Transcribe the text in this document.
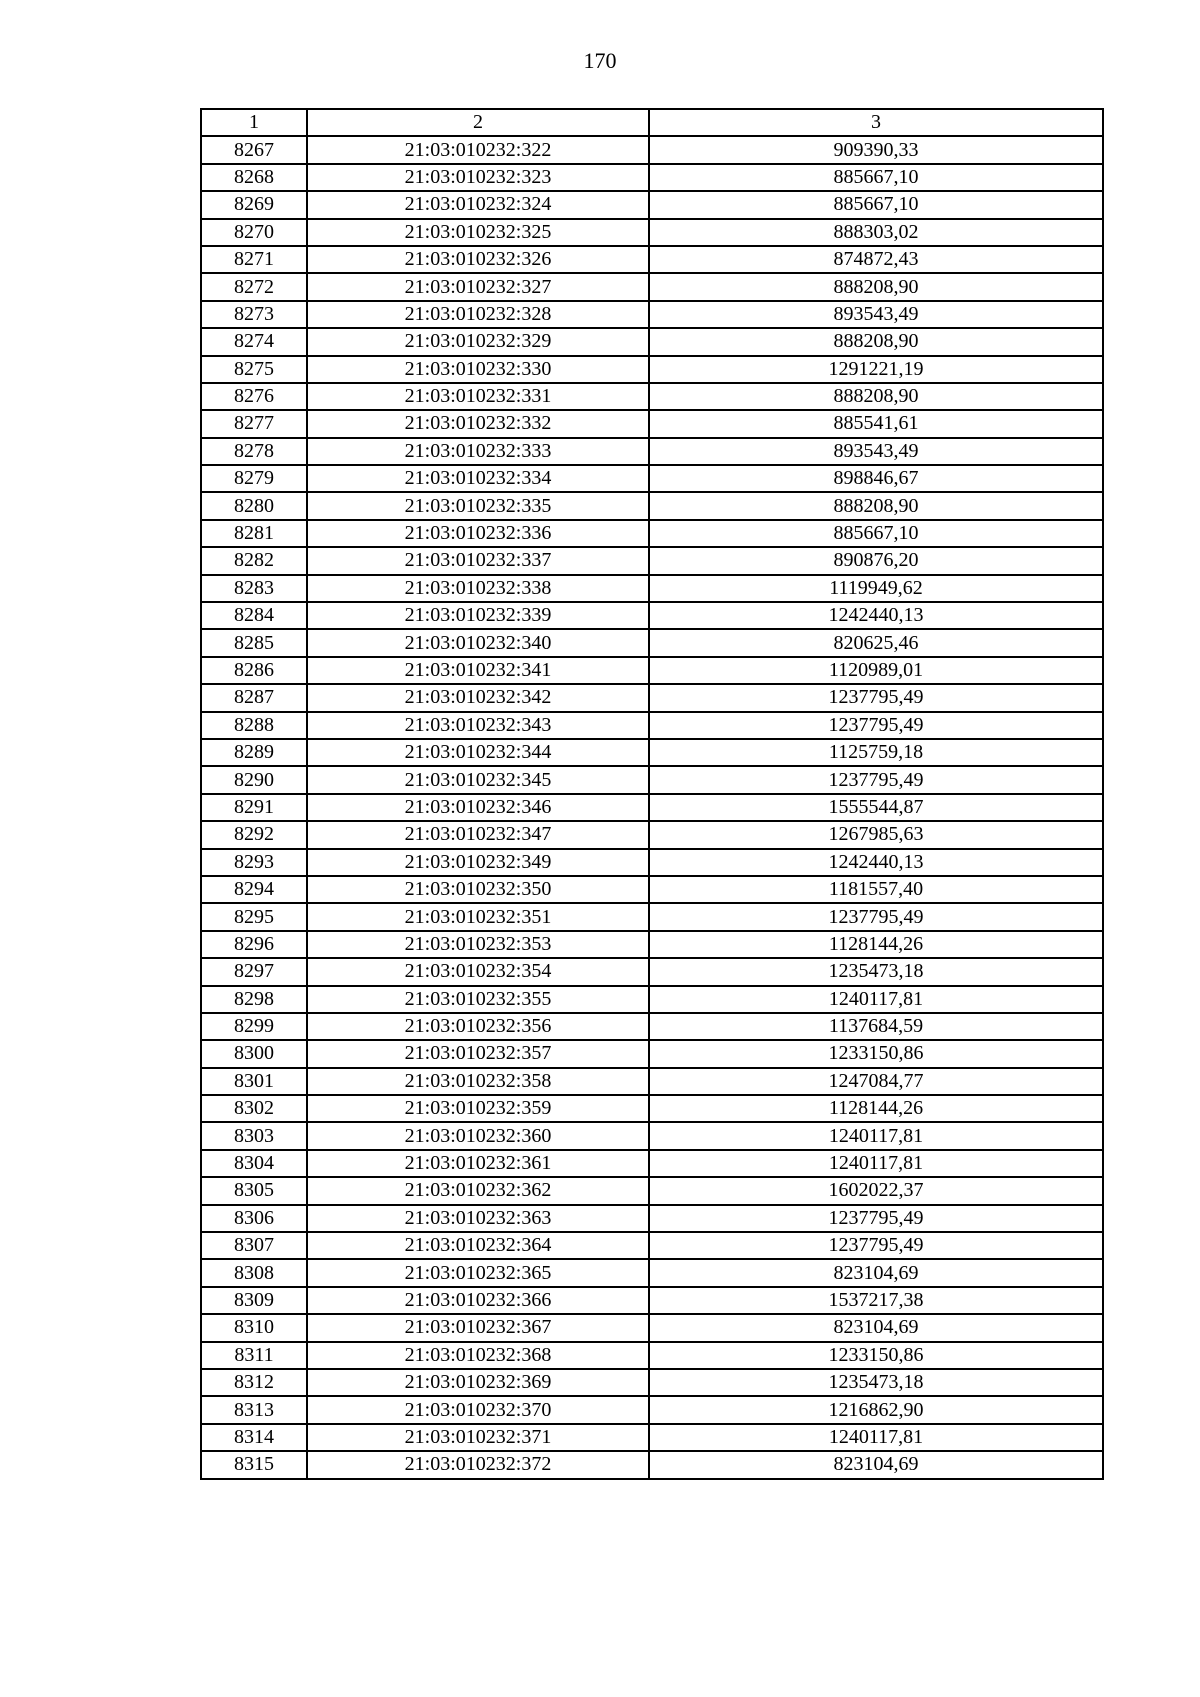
170
1	2	3
8267	21:03:010232:322	909390,33
8268	21:03:010232:323	885667,10
8269	21:03:010232:324	885667,10
8270	21:03:010232:325	888303,02
8271	21:03:010232:326	874872,43
8272	21:03:010232:327	888208,90
8273	21:03:010232:328	893543,49
8274	21:03:010232:329	888208,90
8275	21:03:010232:330	1291221,19
8276	21:03:010232:331	888208,90
8277	21:03:010232:332	885541,61
8278	21:03:010232:333	893543,49
8279	21:03:010232:334	898846,67
8280	21:03:010232:335	888208,90
8281	21:03:010232:336	885667,10
8282	21:03:010232:337	890876,20
8283	21:03:010232:338	1119949,62
8284	21:03:010232:339	1242440,13
8285	21:03:010232:340	820625,46
8286	21:03:010232:341	1120989,01
8287	21:03:010232:342	1237795,49
8288	21:03:010232:343	1237795,49
8289	21:03:010232:344	1125759,18
8290	21:03:010232:345	1237795,49
8291	21:03:010232:346	1555544,87
8292	21:03:010232:347	1267985,63
8293	21:03:010232:349	1242440,13
8294	21:03:010232:350	1181557,40
8295	21:03:010232:351	1237795,49
8296	21:03:010232:353	1128144,26
8297	21:03:010232:354	1235473,18
8298	21:03:010232:355	1240117,81
8299	21:03:010232:356	1137684,59
8300	21:03:010232:357	1233150,86
8301	21:03:010232:358	1247084,77
8302	21:03:010232:359	1128144,26
8303	21:03:010232:360	1240117,81
8304	21:03:010232:361	1240117,81
8305	21:03:010232:362	1602022,37
8306	21:03:010232:363	1237795,49
8307	21:03:010232:364	1237795,49
8308	21:03:010232:365	823104,69
8309	21:03:010232:366	1537217,38
8310	21:03:010232:367	823104,69
8311	21:03:010232:368	1233150,86
8312	21:03:010232:369	1235473,18
8313	21:03:010232:370	1216862,90
8314	21:03:010232:371	1240117,81
8315	21:03:010232:372	823104,69
